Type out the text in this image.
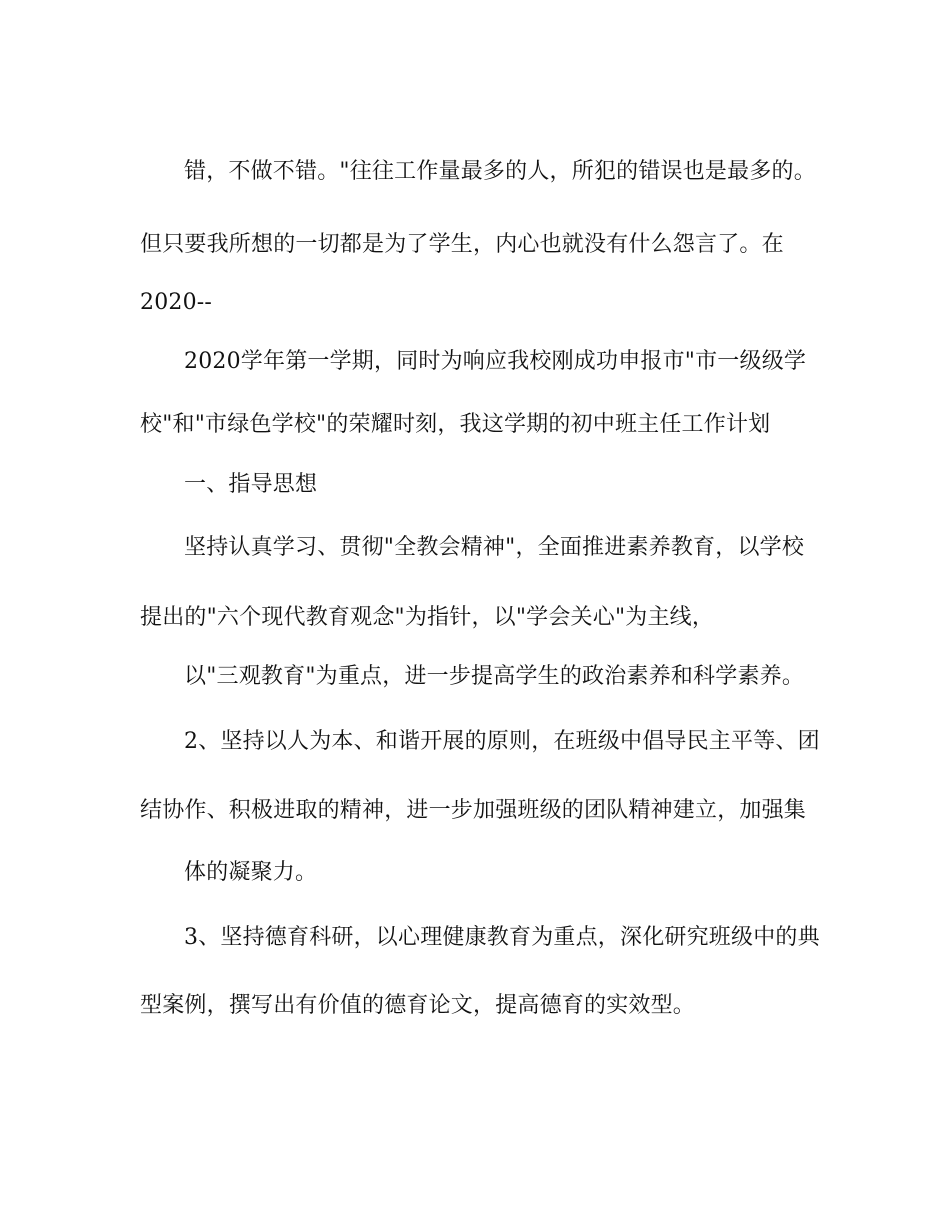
错，不做不错。"往往工作量最多的人，所犯的错误也是最多的。
但只要我所想的一切都是为了学生，内心也就没有什么怨言了。在
2020--
2020学年第一学期，同时为响应我校刚成功申报市"市一级级学
校"和"市绿色学校"的荣耀时刻，我这学期的初中班主任工作计划
一、指导思想
坚持认真学习、贯彻"全教会精神"，全面推进素养教育，以学校
提出的"六个现代教育观念"为指针，以"学会关心"为主线，
以"三观教育"为重点，进一步提高学生的政治素养和科学素养。
2、坚持以人为本、和谐开展的原则，在班级中倡导民主平等、团
结协作、积极进取的精神，进一步加强班级的团队精神建立，加强集
体的凝聚力。
3、坚持德育科研，以心理健康教育为重点，深化研究班级中的典
型案例，撰写出有价值的德育论文，提高德育的实效型。
